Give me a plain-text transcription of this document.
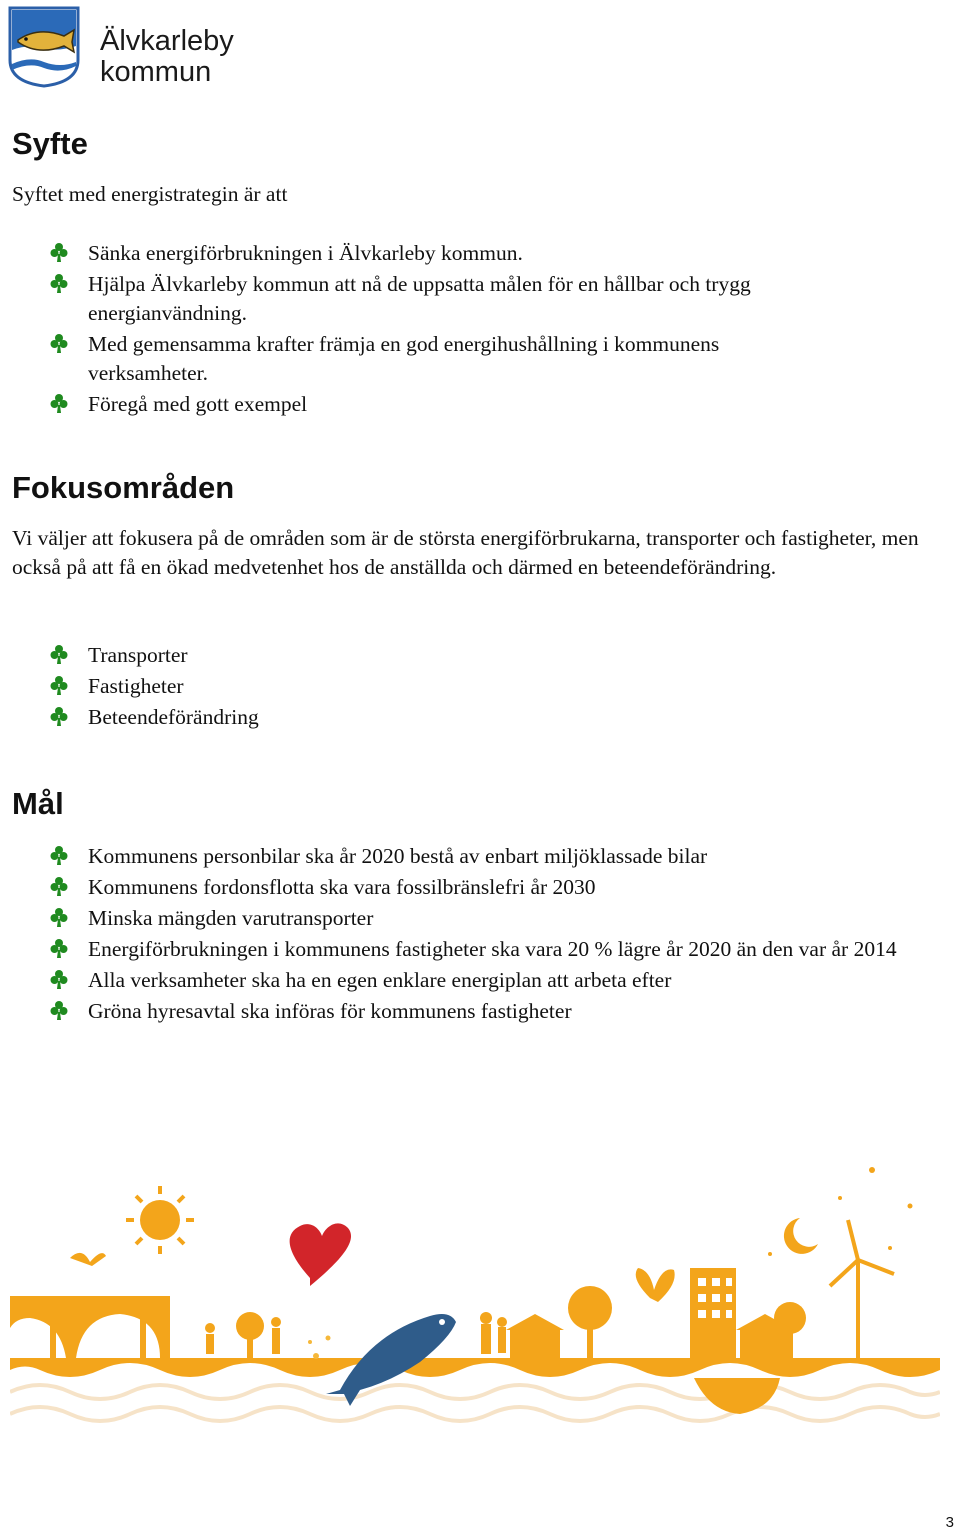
Älvkarleby
kommun
Syfte

Syftet med energistrategin är att

Sänka energiförbrukningen i Älvkarleby kommun.
Hjälpa Älvkarleby kommun att nå de uppsatta målen för en hållbar och trygg energianvändning.
Med gemensamma krafter främja en god energihushållning i kommunens verksamheter.
Föregå med gott exempel
Fokusområden

Vi väljer att fokusera på de områden som är de största energiförbrukarna, transporter och fastigheter, men också på att få en ökad medvetenhet hos de anställda och därmed en beteendeförändring.

Transporter
Fastigheter
Beteendeförändring
Mål
Kommunens personbilar ska år 2020 bestå av enbart miljöklassade bilar
Kommunens fordonsflotta ska vara fossilbränslefri år 2030
Minska mängden varutransporter
Energiförbrukningen i kommunens fastigheter ska vara 20 % lägre år 2020 än den var år 2014
Alla verksamheter ska ha en egen enklare energiplan att arbeta efter
Gröna hyresavtal ska införas för kommunens fastigheter
3
